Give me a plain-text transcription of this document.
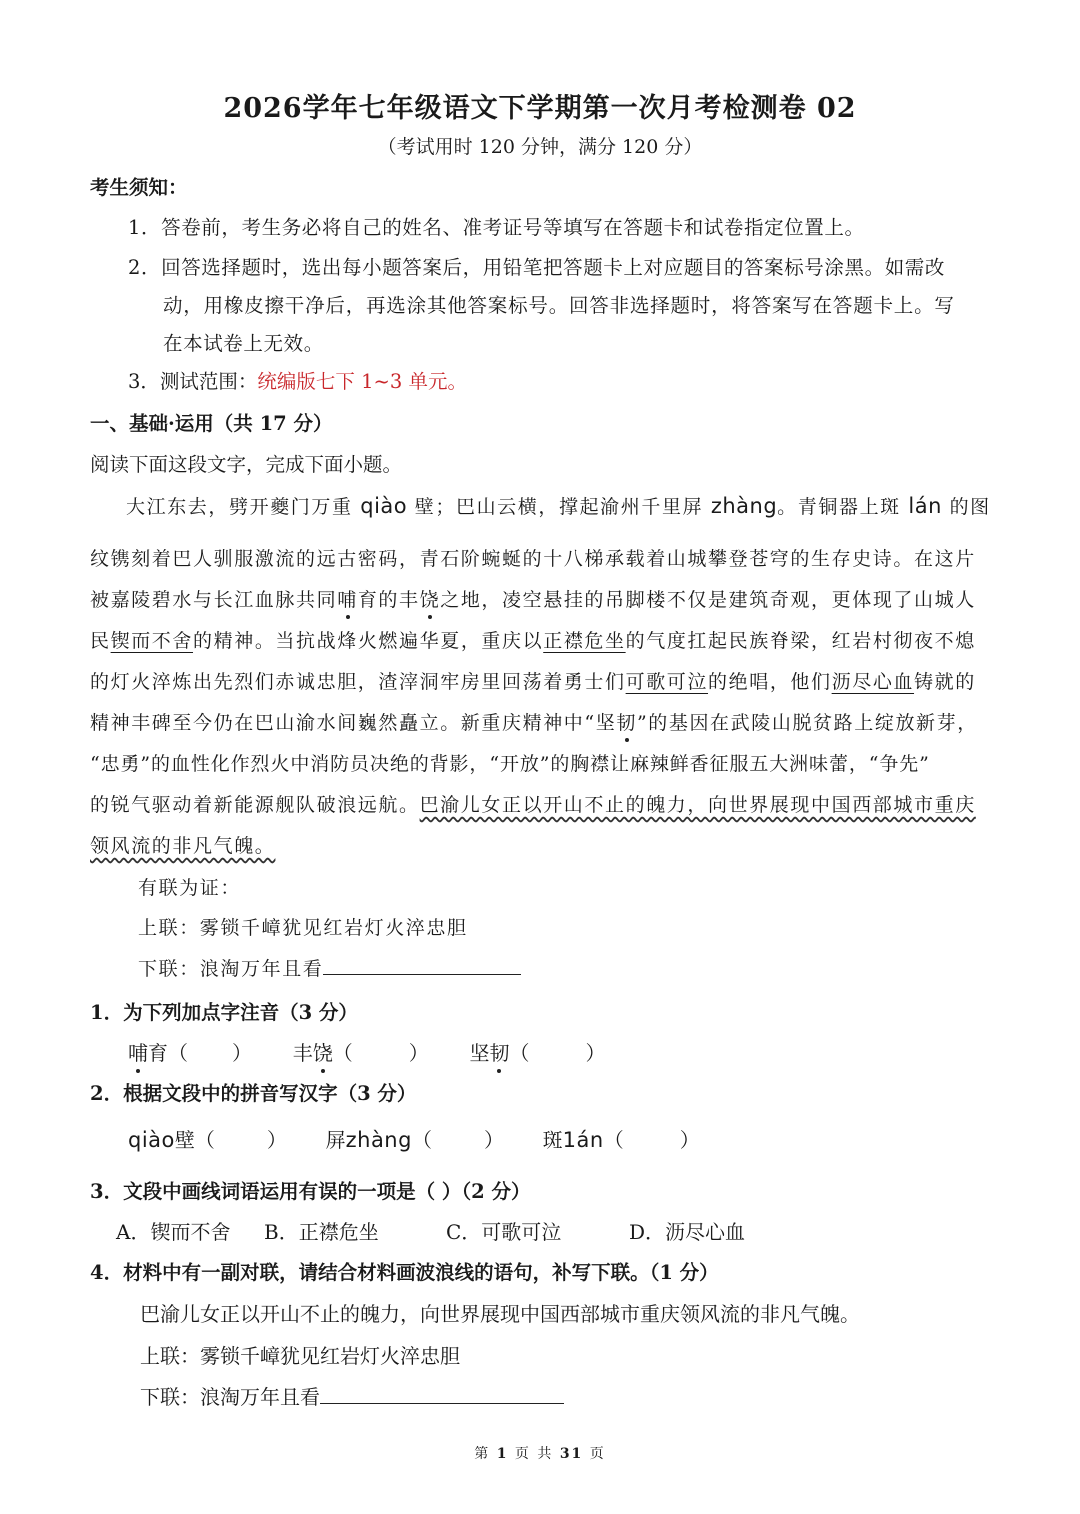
2026学年七年级语文下学期第一次月考检测卷 02
（考试用时 120 分钟，满分 120 分）
考生须知：
1．答卷前，考生务必将自己的姓名、准考证号等填写在答题卡和试卷指定位置上。
2．回答选择题时，选出每小题答案后，用铅笔把答题卡上对应题目的答案标号涂黑。如需改
动，用橡皮擦干净后，再选涂其他答案标号。回答非选择题时，将答案写在答题卡上。写
在本试卷上无效。
3．测试范围：统编版七下 1~3 单元。
一、基础·运用（共 17 分）
阅读下面这段文字，完成下面小题。
大江东去，劈开夔门万重 qiào 壁；巴山云横，撑起渝州千里屏 zhàng。青铜器上斑 lán 的图
纹镌刻着巴人驯服激流的远古密码，青石阶蜿蜒的十八梯承载着山城攀登苍穹的生存史诗。在这片
被嘉陵碧水与长江血脉共同哺育的丰饶之地，凌空悬挂的吊脚楼不仅是建筑奇观，更体现了山城人
民锲而不舍的精神。当抗战烽火燃遍华夏，重庆以正襟危坐的气度扛起民族脊梁，红岩村彻夜不熄
的灯火淬炼出先烈们赤诚忠胆，渣滓洞牢房里回荡着勇士们可歌可泣的绝唱，他们沥尽心血铸就的
精神丰碑至今仍在巴山渝水间巍然矗立。新重庆精神中“坚韧”的基因在武陵山脱贫路上绽放新芽，
“忠勇”的血性化作烈火中消防员决绝的背影，“开放”的胸襟让麻辣鲜香征服五大洲味蕾，“争先”
的锐气驱动着新能源舰队破浪远航。巴渝儿女正以开山不止的魄力，向世界展现中国西部城市重庆
领风流的非凡气魄。
有联为证：
上联：雾锁千嶂犹见红岩灯火淬忠胆
下联：浪淘万年且看
1．为下列加点字注音（3 分）
哺育（ ） 丰饶（	） 坚韧（	）
2．根据文段中的拼音写汉字（3 分）
qiào壁（	） 屏zhàng（	） 斑1án（	）
3．文段中画线词语运用有误的一项是（ ）（2 分）
A．锲而不舍 B．正襟危坐	C．可歌可泣	D．沥尽心血
4．材料中有一副对联，请结合材料画波浪线的语句，补写下联。（1 分）
巴渝儿女正以开山不止的魄力，向世界展现中国西部城市重庆领风流的非凡气魄。
上联：雾锁千嶂犹见红岩灯火淬忠胆
下联：浪淘万年且看
第 1 页 共 31 页
